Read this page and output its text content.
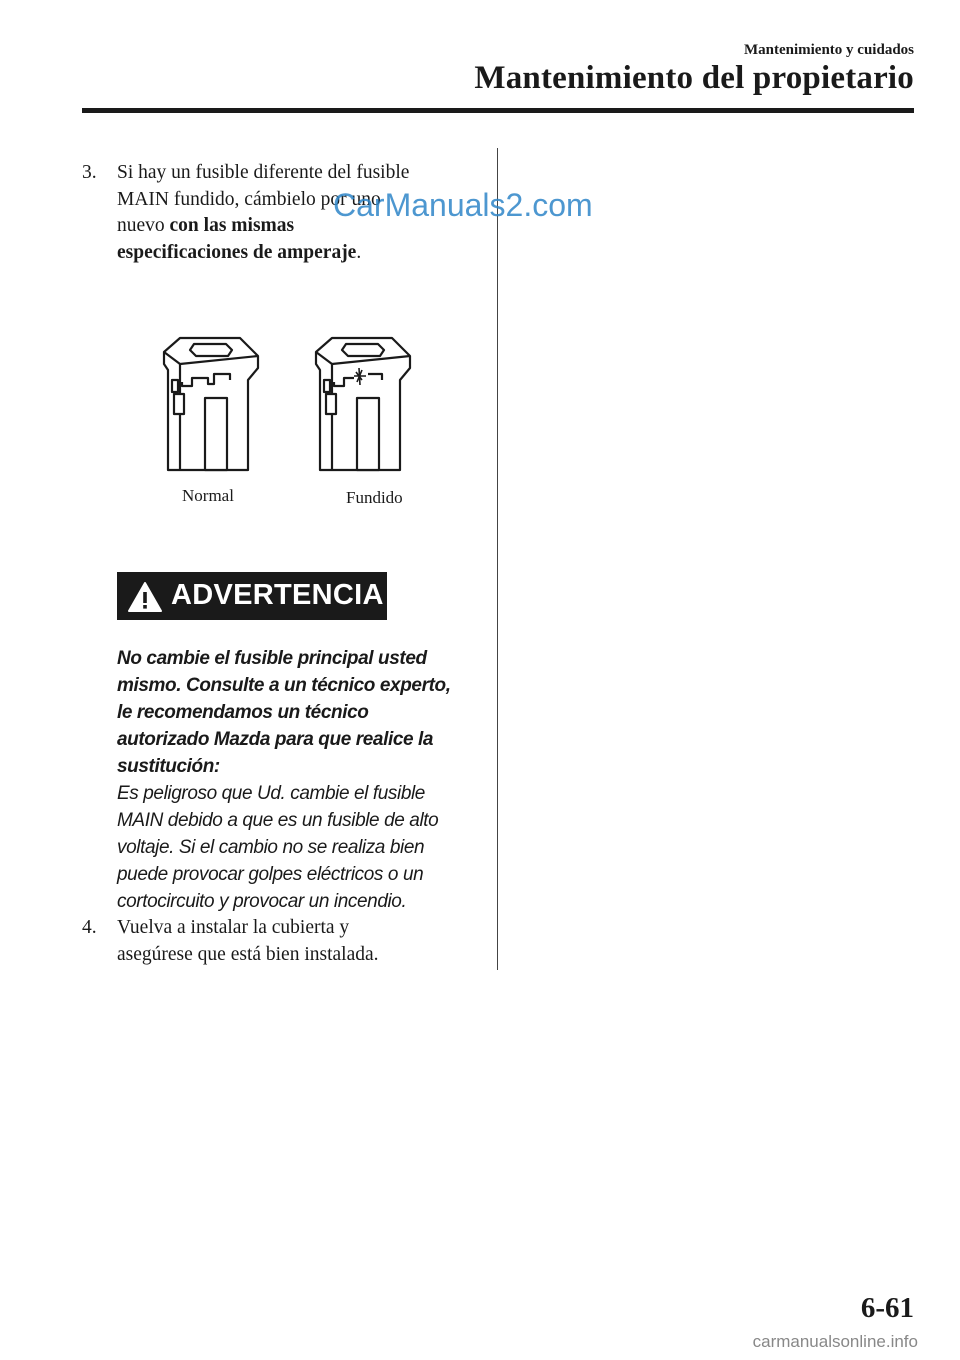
Mantenimiento y cuidados
Mantenimiento del propietario
3. Si hay un fusible diferente del fusible
MAIN fundido, cámbielo por uno
nuevo con las mismas
especificaciones de amperaje.
CarManuals2.com
Normal	Fundido
ADVERTENCIA
No cambie el fusible principal usted
mismo. Consulte a un técnico experto,
le recomendamos un técnico
autorizado Mazda para que realice la
sustitución:
Es peligroso que Ud. cambie el fusible
MAIN debido a que es un fusible de alto
voltaje. Si el cambio no se realiza bien
puede provocar golpes eléctricos o un
cortocircuito y provocar un incendio.
4. Vuelva a instalar la cubierta y
asegúrese que está bien instalada.
6-61
carmanualsonline.info
